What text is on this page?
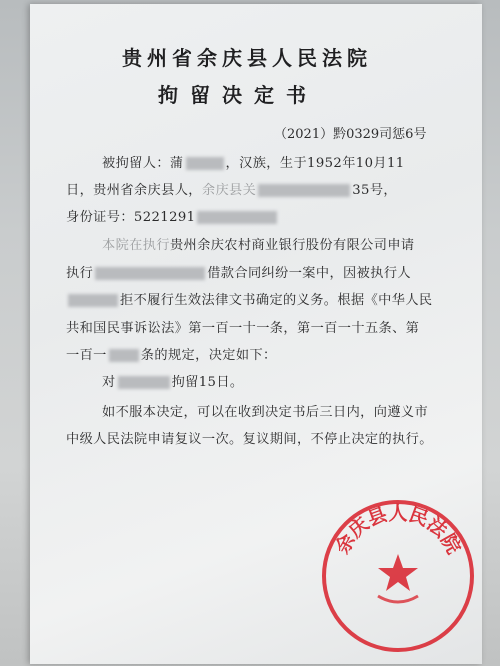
贵州省余庆县人民法院
拘留决定书
（2021）黔0329司惩6号
被拘留人：蒲	，汉族，生于1952年10月11
日，贵州省余庆县人，余庆县关	35号，
身份证号：5221291
本院在执行贵州余庆农村商业银行股份有限公司申请
执行	借款合同纠纷一案中，因被执行人
拒不履行生效法律文书确定的义务。根据《中华人民
共和国民事诉讼法》第一百一十一条，第一百一十五条、第
一百一	条的规定，决定如下：
对	拘留15日。
如不服本决定，可以在收到决定书后三日内，向遵义市
中级人民法院申请复议一次。复议期间，不停止决定的执行。
余庆县人民法院
